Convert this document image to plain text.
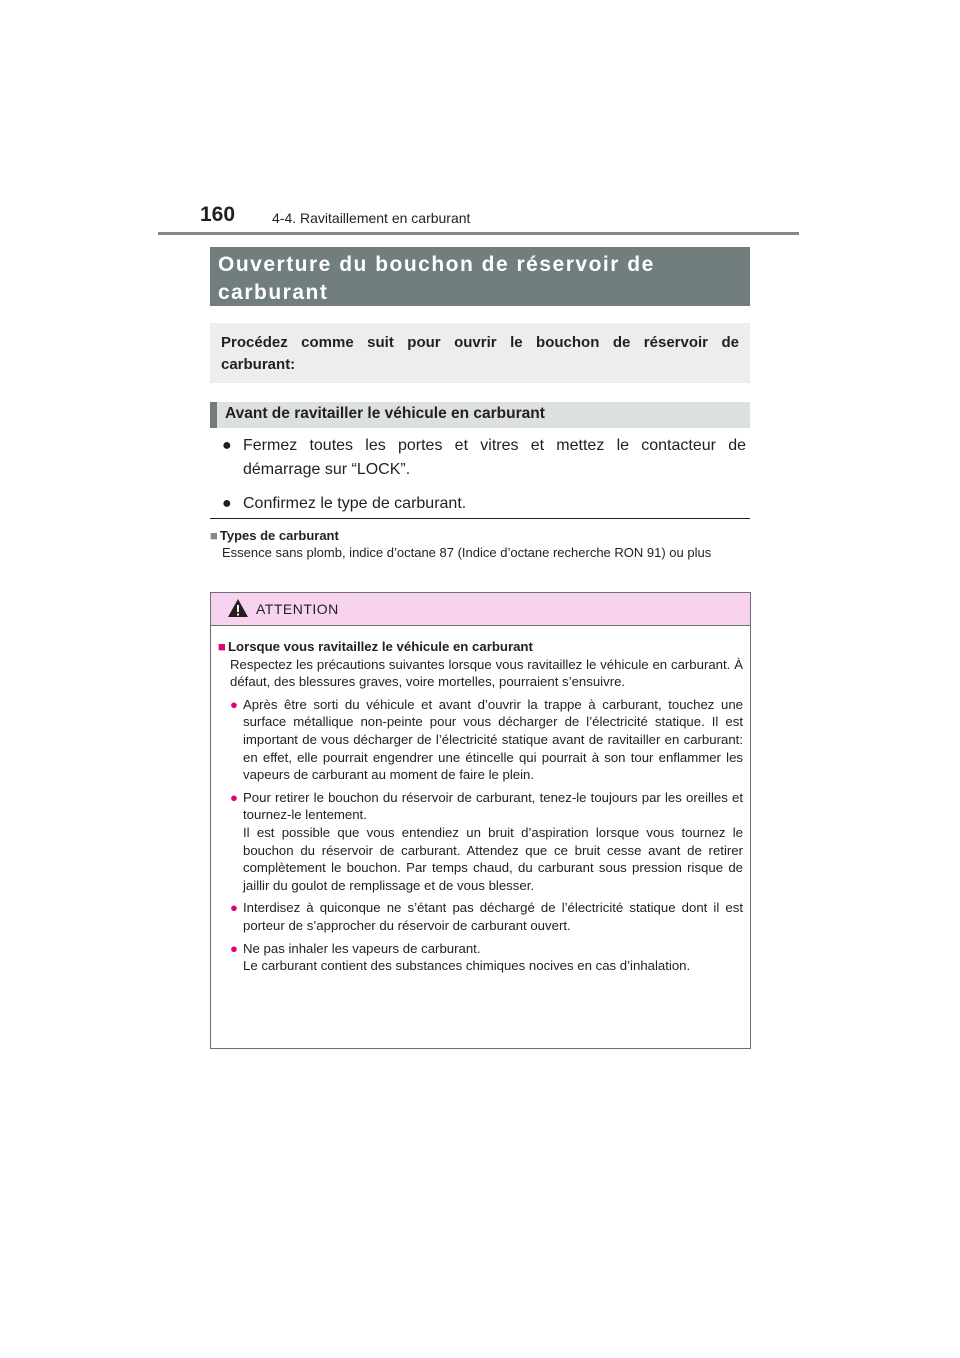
160	4-4. Ravitaillement en carburant
Ouverture du bouchon de réservoir de carburant
Procédez comme suit pour ouvrir le bouchon de réservoir de carburant:
Avant de ravitailler le véhicule en carburant
● Fermez toutes les portes et vitres et mettez le contacteur de démarrage sur “LOCK”.
● Confirmez le type de carburant.
■ Types de carburant
Essence sans plomb, indice d’octane 87 (Indice d’octane recherche RON 91) ou plus
ATTENTION
■ Lorsque vous ravitaillez le véhicule en carburant
Respectez les précautions suivantes lorsque vous ravitaillez le véhicule en carburant. À défaut, des blessures graves, voire mortelles, pourraient s’ensuivre.
● Après être sorti du véhicule et avant d’ouvrir la trappe à carburant, touchez une surface métallique non-peinte pour vous décharger de l’électricité statique. Il est important de vous décharger de l’électricité statique avant de ravitailler en carburant: en effet, elle pourrait engendrer une étincelle qui pourrait à son tour enflammer les vapeurs de carburant au moment de faire le plein.

● Pour retirer le bouchon du réservoir de carburant, tenez-le toujours par les oreilles et tournez-le lentement.

Il est possible que vous entendiez un bruit d’aspiration lorsque vous tournez le bouchon du réservoir de carburant. Attendez que ce bruit cesse avant de retirer complètement le bouchon. Par temps chaud, du carburant sous pression risque de jaillir du goulot de remplissage et de vous blesser.

● Interdisez à quiconque ne s’étant pas déchargé de l’électricité statique dont il est porteur de s’approcher du réservoir de carburant ouvert.

● Ne pas inhaler les vapeurs de carburant.

Le carburant contient des substances chimiques nocives en cas d’inhalation.
